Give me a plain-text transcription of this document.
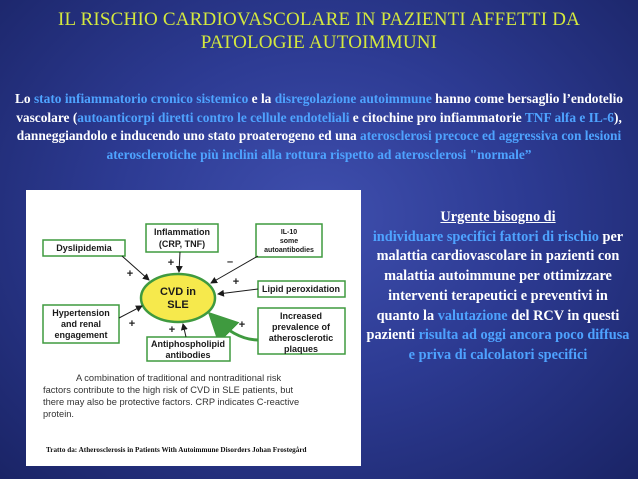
IL RISCHIO CARDIOVASCOLARE IN PAZIENTI AFFETTI DA
PATOLOGIE AUTOIMMUNI
Lo stato infiammatorio cronico sistemico e la disregolazione autoimmune hanno come bersaglio l’endotelio vascolare (autoanticorpi diretti contro le cellule endoteliali e citochine pro infiammatorie TNF alfa e IL-6), danneggiandolo e inducendo uno stato proaterogeno ed una aterosclerosi precoce ed aggressiva con lesioni aterosclerotiche più inclini alla rottura rispetto ad aterosclerosi "normale”
CVD in
SLE
Inflammation
(CRP, TNF)
+
IL-10
some
autoantibodies
–
Dyslipidemia
+
Lipid peroxidation
+
Hypertension
and renal
engagement
+
Increased
prevalence of
atherosclerotic
plaques
+
Antiphospholipid
antibodies
+
A combination of traditional and nontraditional risk
factors contribute to the high risk of CVD in SLE patients, but
there may also be protective factors. CRP indicates C-reactive
protein.
Tratto da: Atherosclerosis in Patients With Autoimmune Disorders Johan Frostegård
Urgente bisogno di
individuare specifici fattori di rischio per malattia cardiovascolare in pazienti con malattia autoimmune per ottimizzare interventi terapeutici e preventivi in quanto la valutazione del RCV in questi pazienti risulta ad oggi ancora poco diffusa e priva di calcolatori specifici
